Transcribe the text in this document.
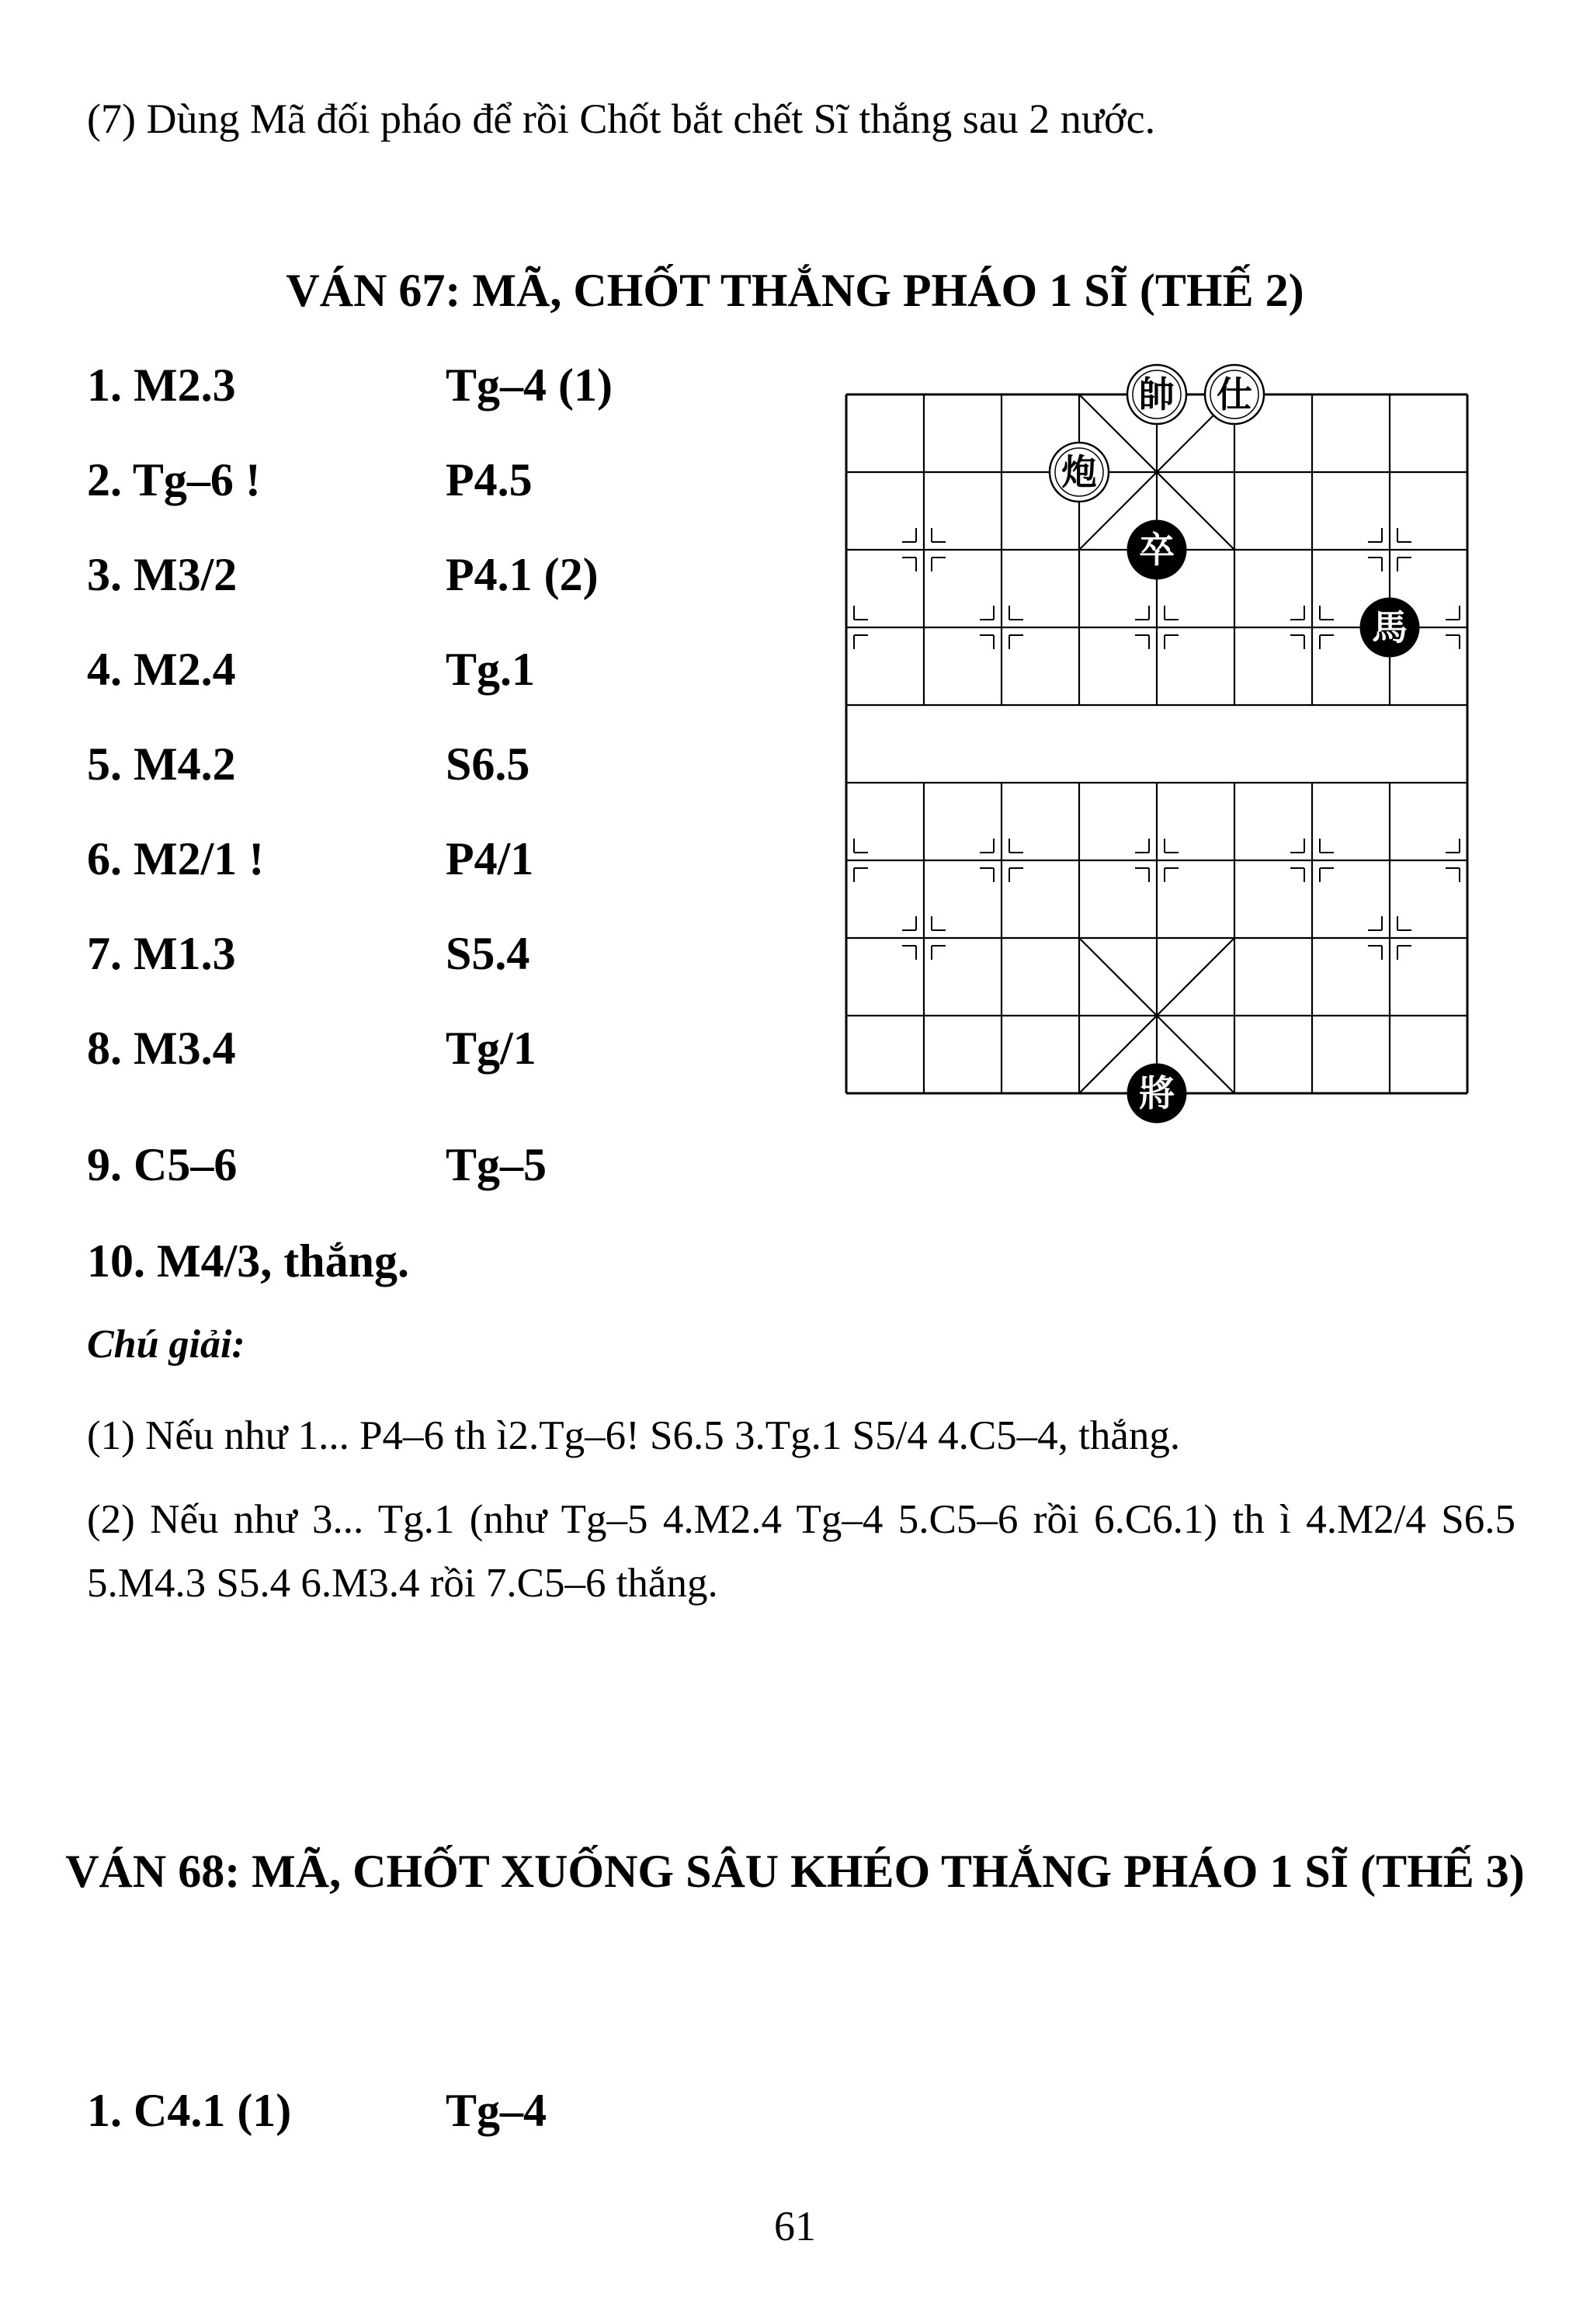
(7) Dùng Mã đối pháo để rồi Chốt bắt chết Sĩ thắng sau 2 nước.
VÁN 67: MÃ, CHỐT THẮNG PHÁO 1 SĨ (THẾ 2)
1. M2.3	Tg–4 (1)
2. Tg–6 !	P4.5
3. M3/2	P4.1 (2)
4. M2.4	Tg.1
5. M4.2	S6.5
6. M2/1 !	P4/1
7. M1.3	S5.4
8. M3.4	Tg/1
9. C5–6	Tg–5
10. M4/3, thắng.
帥 仕
炮
卒
馬
將
Chú giải:
(1) Nếu như 1... P4–6 th ì2.Tg–6! S6.5 3.Tg.1 S5/4 4.C5–4, thắng.
(2) Nếu như 3... Tg.1 (như Tg–5 4.M2.4 Tg–4 5.C5–6 rồi 6.C6.1) th ì 4.M2/4 S6.5 5.M4.3 S5.4 6.M3.4 rồi 7.C5–6 thắng.
VÁN 68: MÃ, CHỐT XUỐNG SÂU KHÉO THẮNG PHÁO 1 SĨ (THẾ 3)
1. C4.1 (1)	Tg–4
61
